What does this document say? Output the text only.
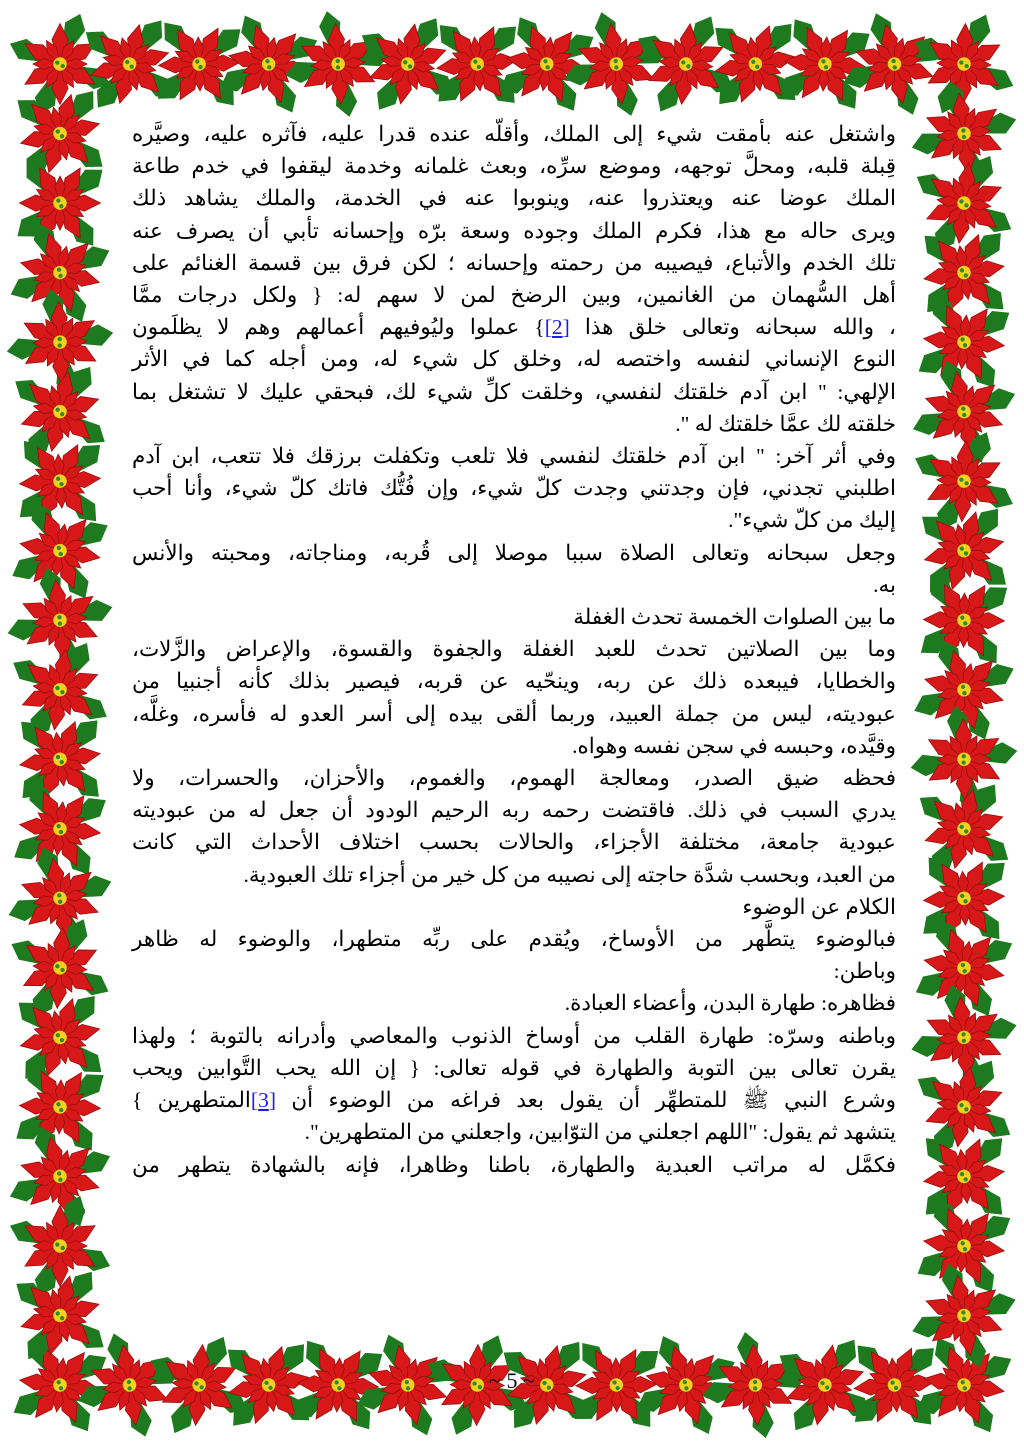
واشتغل عنه بأمقت شيء إلى الملك، وأقلّه عنده قدرا عليه، فآثره عليه، وصيَّره
قِبلة قلبه، ومحلَّ توجهه، وموضع سرِّه، وبعث غلمانه وخدمة ليقفوا في خدم طاعة
الملك عوضا عنه ويعتذروا عنه، وينوبوا عنه في الخدمة، والملك يشاهد ذلك
ويرى حاله مع هذا، فكرم الملك وجوده وسعة برّه وإحسانه تأبي أن يصرف عنه
تلك الخدم والأتباع، فيصيبه من رحمته وإحسانه ؛ لكن فرق بين قسمة الغنائم على
أهل السُّهمان من الغانمين، وبين الرضخ لمن لا سهم له: { ولكل درجات ممَّا

، والله سبحانه وتعالى خلق هذا [2]} عملوا وليُوفيهم أعمالهم وهم لا يظلَمون

النوع الإنساني لنفسه واختصه له، وخلق كل شيء له، ومن أجله كما في الأثر
الإلهي: " ابن آدم خلقتك لنفسي، وخلقت كلِّ شيء لك، فبحقي عليك لا تشتغل بما
خلقته لك عمَّا خلقتك له ".

وفي أثر آخر: " ابن آدم خلقتك لنفسي فلا تلعب وتكفلت برزقك فلا تتعب، ابن آدم
اطلبني تجدني، فإن وجدتني وجدت كلّ شيء، وإن فُتُّك فاتك كلّ شيء، وأنا أحب
إليك من كلّ شيء".

وجعل سبحانه وتعالى الصلاة سببا موصلا إلى قُربه، ومناجاته، ومحبته والأنس
به.

ما بين الصلوات الخمسة تحدث الغفلة

وما بين الصلاتين تحدث للعبد الغفلة والجفوة والقسوة، والإعراض والزَّلات،
والخطايا، فيبعده ذلك عن ربه، وينحّيه عن قربه، فيصير بذلك كأنه أجنبيا من
عبوديته، ليس من جملة العبيد، وربما ألقى بيده إلى أسر العدو له فأسره، وغلَّه،
وقيَّده، وحبسه في سجن نفسه وهواه.

فحظه ضيق الصدر، ومعالجة الهموم، والغموم، والأحزان، والحسرات، ولا
يدري السبب في ذلك. فاقتضت رحمه ربه الرحيم الودود أن جعل له من عبوديته
عبودية جامعة، مختلفة الأجزاء، والحالات بحسب اختلاف الأحداث التي كانت
من العبد، وبحسب شدَّة حاجته إلى نصيبه من كل خير من أجزاء تلك العبودية.

الكلام عن الوضوء

فبالوضوء يتطَّهر من الأوساخ، ويُقدم على ربِّه متطهرا، والوضوء له ظاهر
وباطن:

فظاهره: طهارة البدن، وأعضاء العبادة.

وباطنه وسرّه: طهارة القلب من أوساخ الذنوب والمعاصي وأدرانه بالتوبة ؛ ولهذا
يقرن تعالى بين التوبة والطهارة في قوله تعالى: { إن الله يحب التَّوابين ويحب

وشرع النبي ﷺ للمتطهِّر أن يقول بعد فراغه من الوضوء أن [3]المتطهرين }

يتشهد ثم يقول: "اللهم اجعلني من التوّابين، واجعلني من المتطهرين".
فكمَّل له مراتب العبدية والطهارة، باطنا وظاهرا، فإنه بالشهادة يتطهر من

~ 5 ~
